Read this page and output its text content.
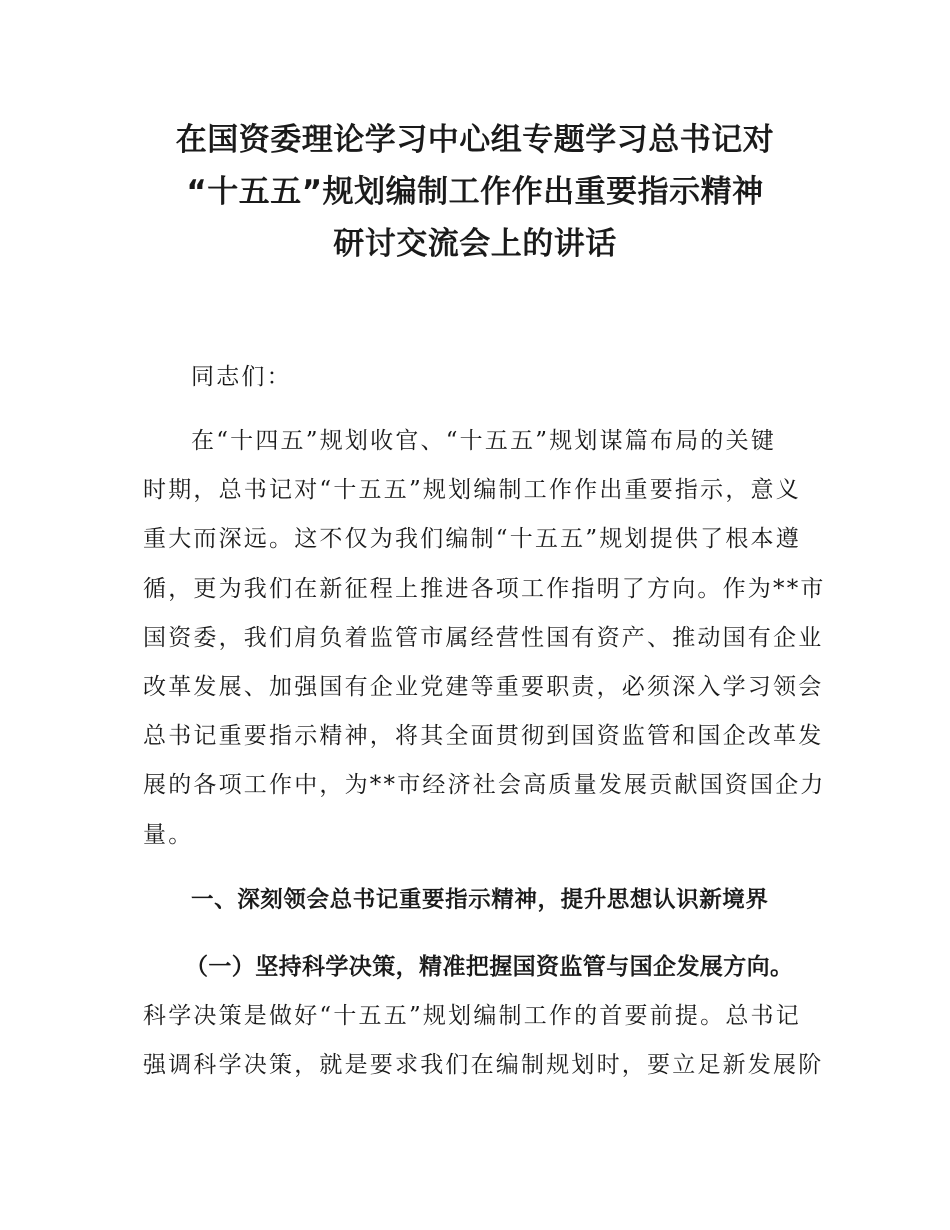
在国资委理论学习中心组专题学习总书记对
“十五五”规划编制工作作出重要指示精神
研讨交流会上的讲话
同志们：
在“十四五”规划收官、“十五五”规划谋篇布局的关键
时期，总书记对“十五五”规划编制工作作出重要指示，意义
重大而深远。这不仅为我们编制“十五五”规划提供了根本遵
循，更为我们在新征程上推进各项工作指明了方向。作为**市
国资委，我们肩负着监管市属经营性国有资产、推动国有企业
改革发展、加强国有企业党建等重要职责，必须深入学习领会
总书记重要指示精神，将其全面贯彻到国资监管和国企改革发
展的各项工作中，为**市经济社会高质量发展贡献国资国企力
量。
一、深刻领会总书记重要指示精神，提升思想认识新境界
（一）坚持科学决策，精准把握国资监管与国企发展方向。
科学决策是做好“十五五”规划编制工作的首要前提。总书记
强调科学决策，就是要求我们在编制规划时，要立足新发展阶
